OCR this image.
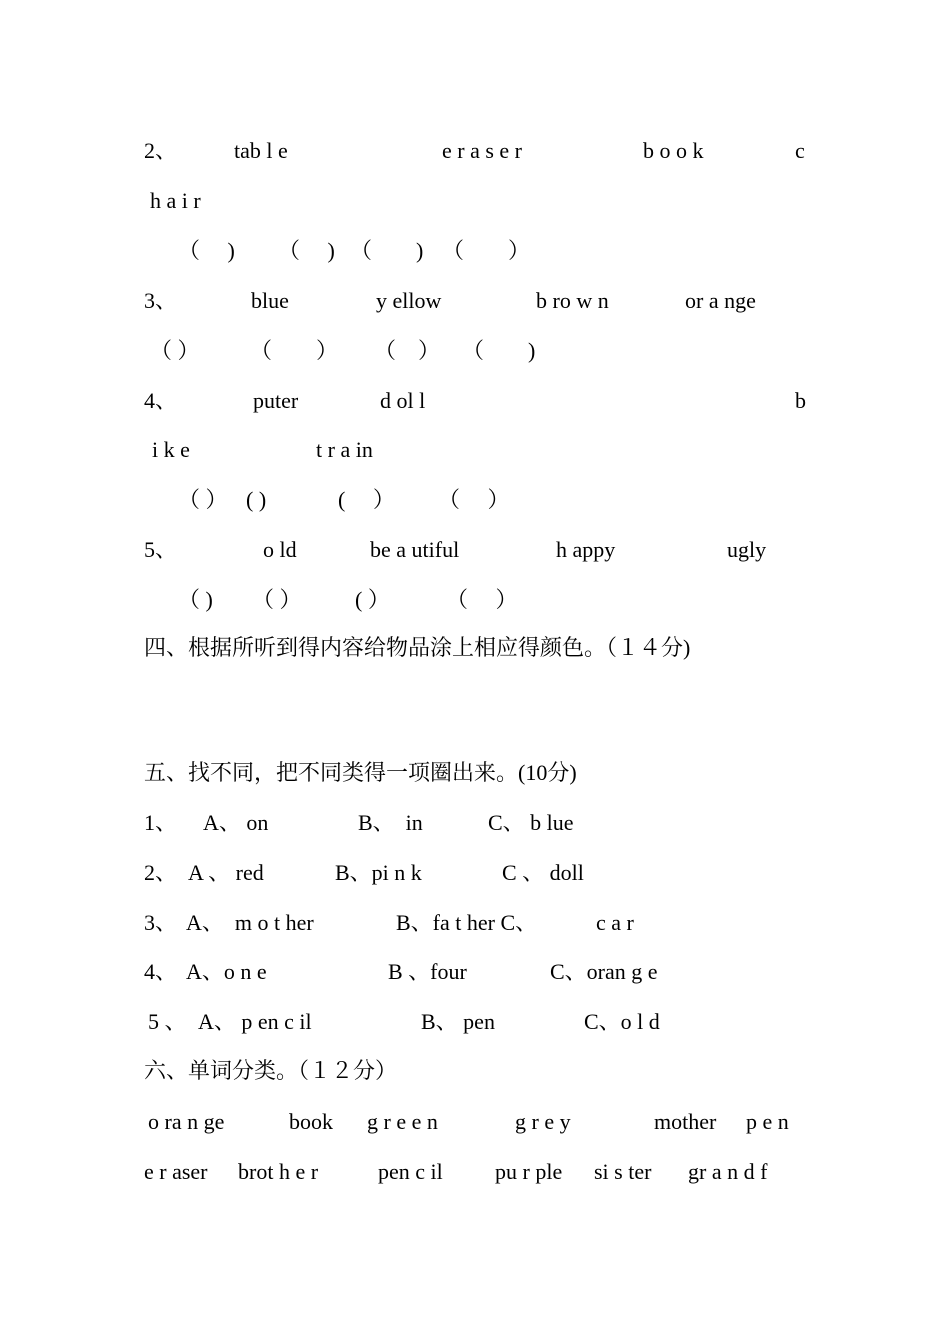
2、	tab l e	e r a s e r	b o o k	c
h a i r
（　 ) （　 ) （　　) （　　）
3、	blue	y ellow	b ro w n	or a nge
（ ） （　　） （　） （　　)
4、	puter	d ol l	b
i k e	t r a in
（ ） ( )	(　 ） （　 ）
5、	o ld	be a utiful	h appy	ugly
（ ) （ ） ( ）	（　 ）
四、根据所听到得内容给物品涂上相应得颜色。（１４分)
五、找不同，把不同类得一项圈出来。(10分)
1、 A、 on	B、　in	C、 b lue
2、 A 、 red	B、pi n k	C 、 doll
3、 A、　m o t her	B、fa t her C、	c a r
4、 A、o n e	B 、four	C、oran g e
5 、 A、 p en c il	B、 pen	C、o l d
六、单词分类。（１２分）
o ra n ge	book g r e e n	g r e y	mother p e n
e r aser brot h e r	pen c il pu r ple si s ter gr a n d f
